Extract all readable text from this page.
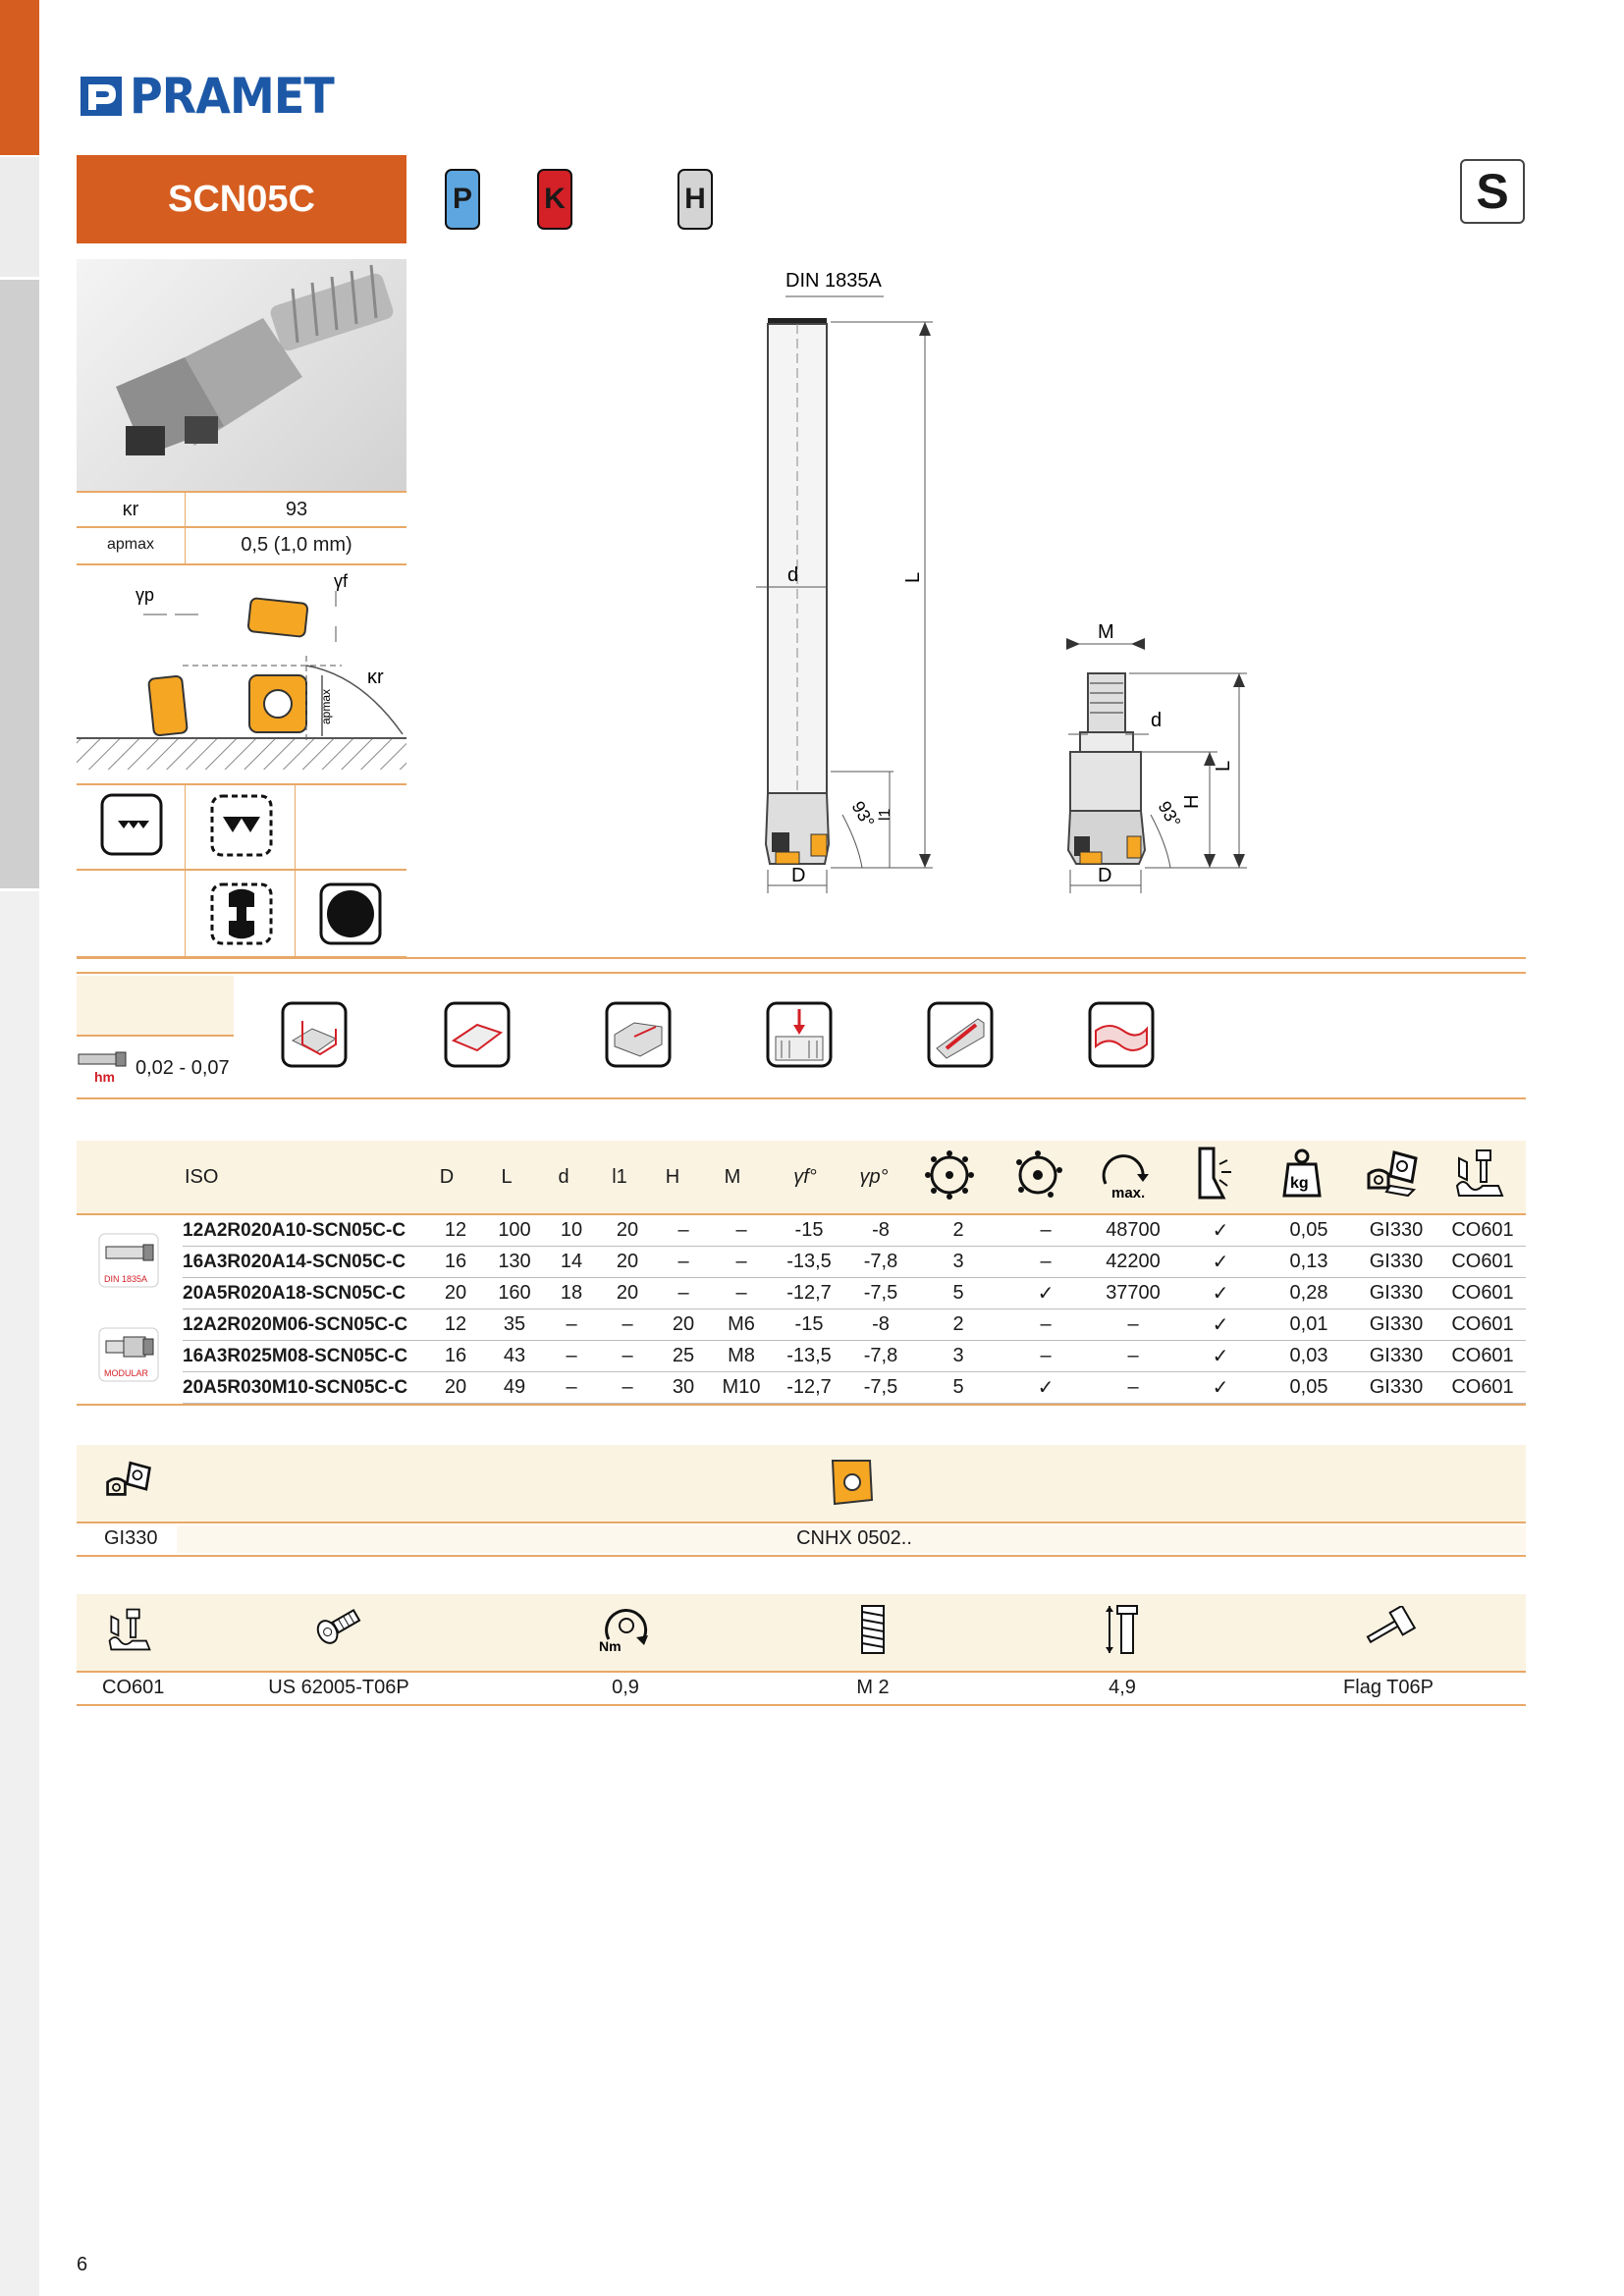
PRAMET
SCN05C	P K	H	S
κr	93
apmax	0,5 (1,0 mm)
κr
apmax
γp
γf
DIN 1835A
d	L
l1
93°
D
M
d
L
H
93°
D
hm 0,02 - 0,07
ISO	D	L	d	l1	H	M	γf°	γp°
max.
kg
DIN 1835A
MODULAR
12A2R020A10-SCN05C-C	12	100	10	20	–	–	-15	-8	2	–	48700	✓	0,05	GI330	CO601
16A3R020A14-SCN05C-C	16	130	14	20	–	–	-13,5	-7,8	3	–	42200	✓	0,13	GI330	CO601
20A5R020A18-SCN05C-C	20	160	18	20	–	–	-12,7	-7,5	5	✓	37700	✓	0,28	GI330	CO601
12A2R020M06-SCN05C-C	12	35	–	–	20	M6	-15	-8	2	–	–	✓	0,01	GI330	CO601
16A3R025M08-SCN05C-C	16	43	–	–	25	M8	-13,5	-7,8	3	–	–	✓	0,03	GI330	CO601
20A5R030M10-SCN05C-C	20	49	–	–	30	M10	-12,7	-7,5	5	✓	–	✓	0,05	GI330	CO601
GI330	CNHX 0502..
Nm
CO601	US 62005-T06P	0,9	M 2	4,9	Flag T06P
6
